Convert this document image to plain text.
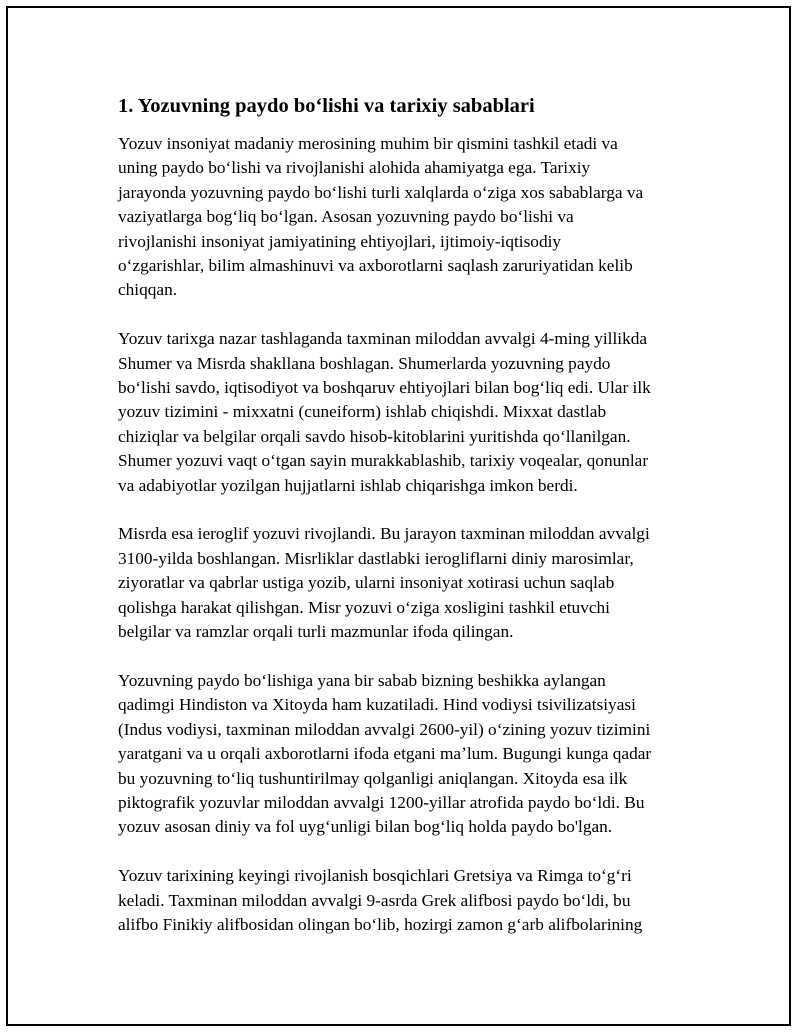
1. Yozuvning paydo boʻlishi va tarixiy sabablari
Yozuv insoniyat madaniy merosining muhim bir qismini tashkil etadi va
uning paydo boʻlishi va rivojlanishi alohida ahamiyatga ega. Tarixiy
jarayonda yozuvning paydo boʻlishi turli xalqlarda oʻziga xos sabablarga va
vaziyatlarga bogʻliq boʻlgan. Asosan yozuvning paydo boʻlishi va
rivojlanishi insoniyat jamiyatining ehtiyojlari, ijtimoiy-iqtisodiy
oʻzgarishlar, bilim almashinuvi va axborotlarni saqlash zaruriyatidan kelib
chiqqan.
Yozuv tarixga nazar tashlaganda taxminan miloddan avvalgi 4-ming yillikda
Shumer va Misrda shakllana boshlagan. Shumerlarda yozuvning paydo
boʻlishi savdo, iqtisodiyot va boshqaruv ehtiyojlari bilan bogʻliq edi. Ular ilk
yozuv tizimini - mixxatni (cuneiform) ishlab chiqishdi. Mixxat dastlab
chiziqlar va belgilar orqali savdo hisob-kitoblarini yuritishda qoʻllanilgan.
Shumer yozuvi vaqt oʻtgan sayin murakkablashib, tarixiy voqealar, qonunlar
va adabiyotlar yozilgan hujjatlarni ishlab chiqarishga imkon berdi.
Misrda esa ieroglif yozuvi rivojlandi. Bu jarayon taxminan miloddan avvalgi
3100-yilda boshlangan. Misrliklar dastlabki ierogliflarni diniy marosimlar,
ziyoratlar va qabrlar ustiga yozib, ularni insoniyat xotirasi uchun saqlab
qolishga harakat qilishgan. Misr yozuvi oʻziga xosligini tashkil etuvchi
belgilar va ramzlar orqali turli mazmunlar ifoda qilingan.
Yozuvning paydo boʻlishiga yana bir sabab bizning beshikka aylangan
qadimgi Hindiston va Xitoyda ham kuzatiladi. Hind vodiysi tsivilizatsiyasi
(Indus vodiysi, taxminan miloddan avvalgi 2600-yil) oʻzining yozuv tizimini
yaratgani va u orqali axborotlarni ifoda etgani maʼlum. Bugungi kunga qadar
bu yozuvning toʻliq tushuntirilmay qolganligi aniqlangan. Xitoyda esa ilk
piktografik yozuvlar miloddan avvalgi 1200-yillar atrofida paydo boʻldi. Bu
yozuv asosan diniy va fol uygʻunligi bilan bogʻliq holda paydo bo'lgan.
Yozuv tarixining keyingi rivojlanish bosqichlari Gretsiya va Rimga toʻgʻri
keladi. Taxminan miloddan avvalgi 9-asrda Grek alifbosi paydo boʻldi, bu
alifbo Finikiy alifbosidan olingan boʻlib, hozirgi zamon gʻarb alifbolarining
